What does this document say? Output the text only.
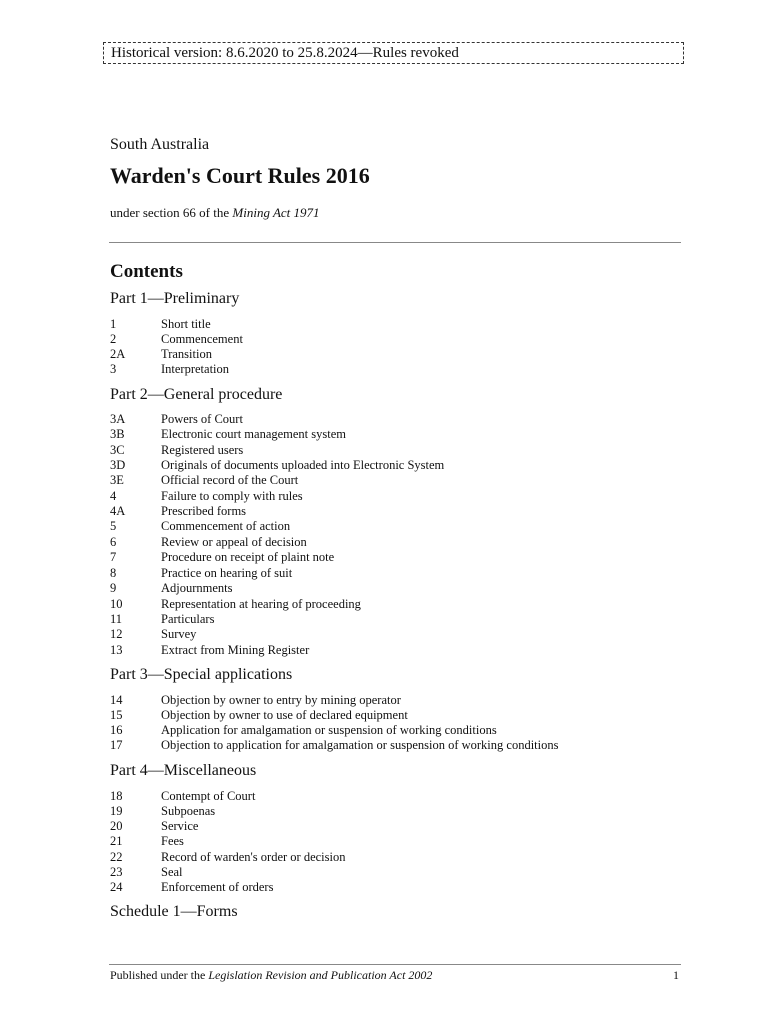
Historical version: 8.6.2020 to 25.8.2024—Rules revoked
South Australia
Warden's Court Rules 2016
under section 66 of the Mining Act 1971
Contents
Part 1—Preliminary
1	Short title
2	Commencement
2A	Transition
3	Interpretation
Part 2—General procedure
3A	Powers of Court
3B	Electronic court management system
3C	Registered users
3D	Originals of documents uploaded into Electronic System
3E	Official record of the Court
4	Failure to comply with rules
4A	Prescribed forms
5	Commencement of action
6	Review or appeal of decision
7	Procedure on receipt of plaint note
8	Practice on hearing of suit
9	Adjournments
10	Representation at hearing of proceeding
11	Particulars
12	Survey
13	Extract from Mining Register
Part 3—Special applications
14	Objection by owner to entry by mining operator
15	Objection by owner to use of declared equipment
16	Application for amalgamation or suspension of working conditions
17	Objection to application for amalgamation or suspension of working conditions
Part 4—Miscellaneous
18	Contempt of Court
19	Subpoenas
20	Service
21	Fees
22	Record of warden's order or decision
23	Seal
24	Enforcement of orders
Schedule 1—Forms
Published under the Legislation Revision and Publication Act 2002	1
